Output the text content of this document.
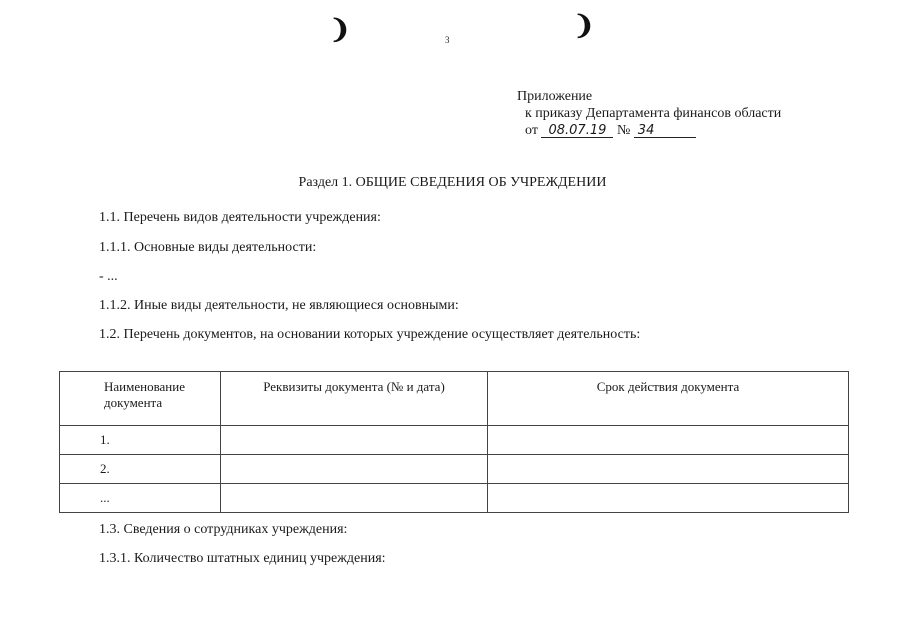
❩	❩
3
Приложение
к приказу Департамента финансов области
от 08.07.19 № 34
Раздел 1. ОБЩИЕ СВЕДЕНИЯ ОБ УЧРЕЖДЕНИИ
1.1. Перечень видов деятельности учреждения:
1.1.1. Основные виды деятельности:
- ...
1.1.2. Иные виды деятельности, не являющиеся основными:
1.2. Перечень документов, на основании которых учреждение осуществляет деятельность:
Наименование документа	Реквизиты документа (№ и дата)	Срок действия документа
1.		
2.		
...		
1.3. Сведения о сотрудниках учреждения:
1.3.1. Количество штатных единиц учреждения:
